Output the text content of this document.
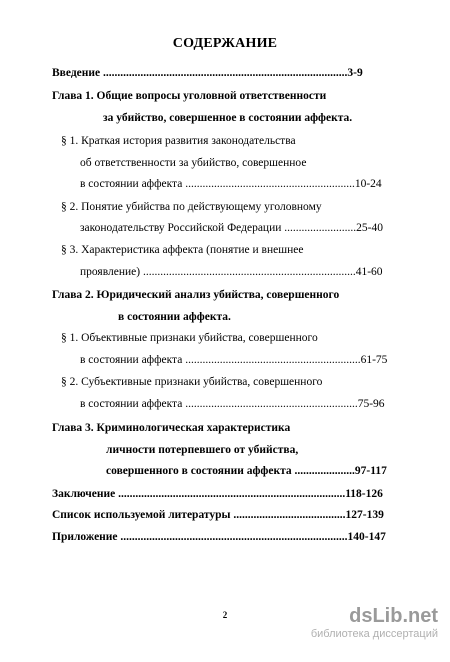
СОДЕРЖАНИЕ
Введение .....................................................................................3-9
Глава 1. Общие вопросы уголовной ответственности
за убийство, совершенное в состоянии аффекта.
§ 1. Краткая история развития законодательства
об ответственности за убийство, совершенное
в состоянии аффекта ...........................................................10-24
§ 2. Понятие убийства по действующему уголовному
законодательству Российской Федерации .........................25-40
§ 3. Характеристика аффекта (понятие и внешнее
проявление) ..........................................................................41-60
Глава 2. Юридический анализ убийства, совершенного
в состоянии аффекта.
§ 1. Объективные признаки убийства, совершенного
в состоянии аффекта .............................................................61-75
§ 2. Субъективные признаки убийства, совершенного
в состоянии аффекта ............................................................75-96
Глава 3. Криминологическая характеристика
личности потерпевшего от убийства,
совершенного в состоянии аффекта .....................97-117
Заключение ...............................................................................118-126
Список используемой литературы .......................................127-139
Приложение ...............................................................................140-147
2	dsLib.net
библиотека диссертаций
